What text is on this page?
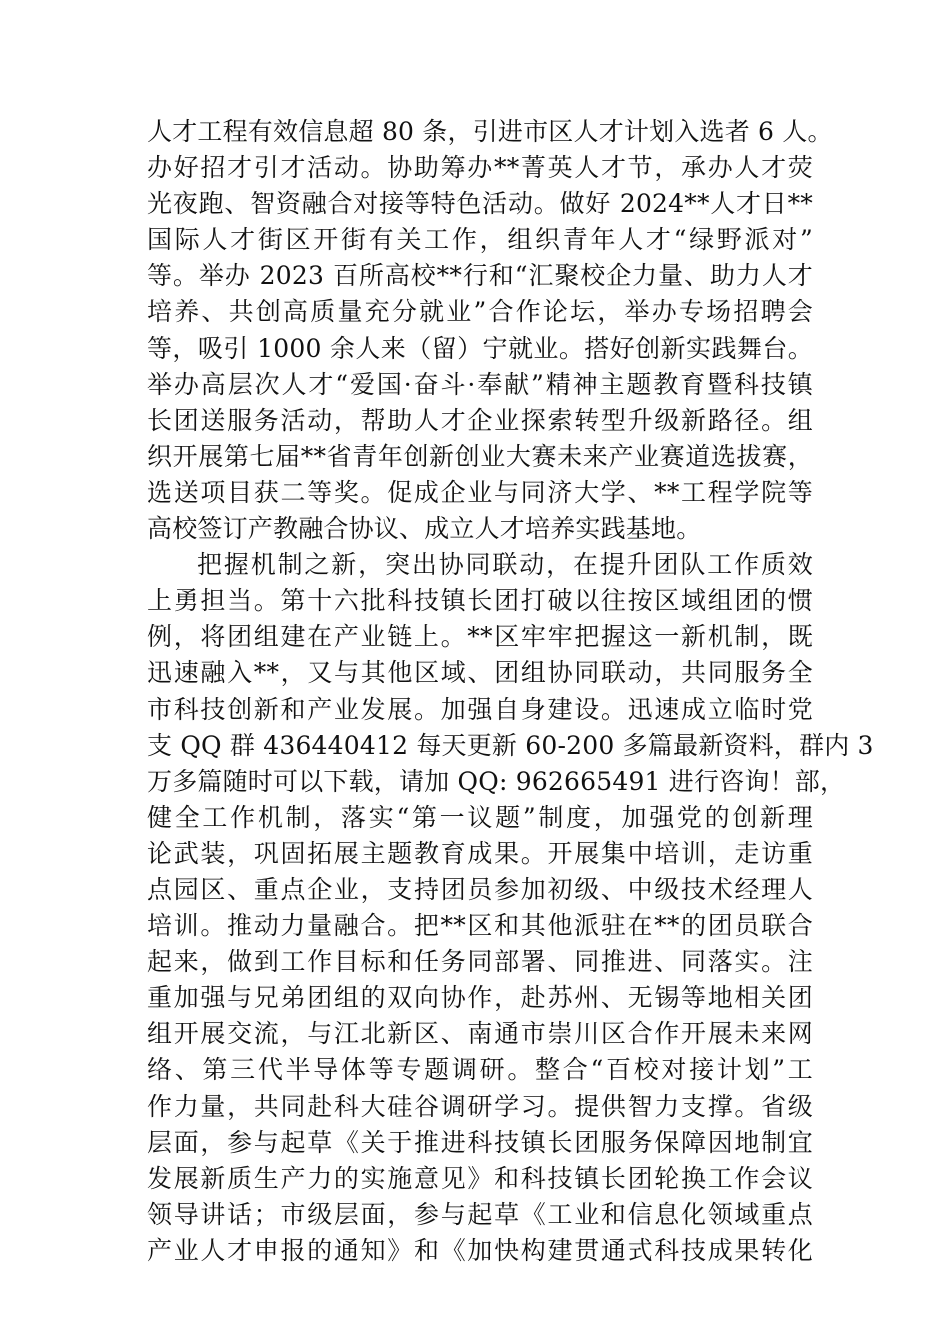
人才工程有效信息超 80 条，引进市区人才计划入选者 6 人。
办好招才引才活动。协助筹办**菁英人才节，承办人才荧
光夜跑、智资融合对接等特色活动。做好 2024**人才日**
国际人才街区开街有关工作，组织青年人才“绿野派对”
等。举办 2023 百所高校**行和“汇聚校企力量、助力人才
培养、共创高质量充分就业”合作论坛，举办专场招聘会
等，吸引 1000 余人来（留）宁就业。搭好创新实践舞台。
举办高层次人才“爱国·奋斗·奉献”精神主题教育暨科技镇
长团送服务活动，帮助人才企业探索转型升级新路径。组
织开展第七届**省青年创新创业大赛未来产业赛道选拔赛，
选送项目获二等奖。促成企业与同济大学、**工程学院等
高校签订产教融合协议、成立人才培养实践基地。
把握机制之新，突出协同联动，在提升团队工作质效
上勇担当。第十六批科技镇长团打破以往按区域组团的惯
例，将团组建在产业链上。**区牢牢把握这一新机制，既
迅速融入**，又与其他区域、团组协同联动，共同服务全
市科技创新和产业发展。加强自身建设。迅速成立临时党
支 QQ 群 436440412 每天更新 60-200 多篇最新资料，群内 3
万多篇随时可以下载，请加 QQ: 962665491 进行咨询！部，
健全工作机制，落实“第一议题”制度，加强党的创新理
论武装，巩固拓展主题教育成果。开展集中培训，走访重
点园区、重点企业，支持团员参加初级、中级技术经理人
培训。推动力量融合。把**区和其他派驻在**的团员联合
起来，做到工作目标和任务同部署、同推进、同落实。注
重加强与兄弟团组的双向协作，赴苏州、无锡等地相关团
组开展交流，与江北新区、南通市崇川区合作开展未来网
络、第三代半导体等专题调研。整合“百校对接计划”工
作力量，共同赴科大硅谷调研学习。提供智力支撑。省级
层面，参与起草《关于推进科技镇长团服务保障因地制宜
发展新质生产力的实施意见》和科技镇长团轮换工作会议
领导讲话；市级层面，参与起草《工业和信息化领域重点
产业人才申报的通知》和《加快构建贯通式科技成果转化
